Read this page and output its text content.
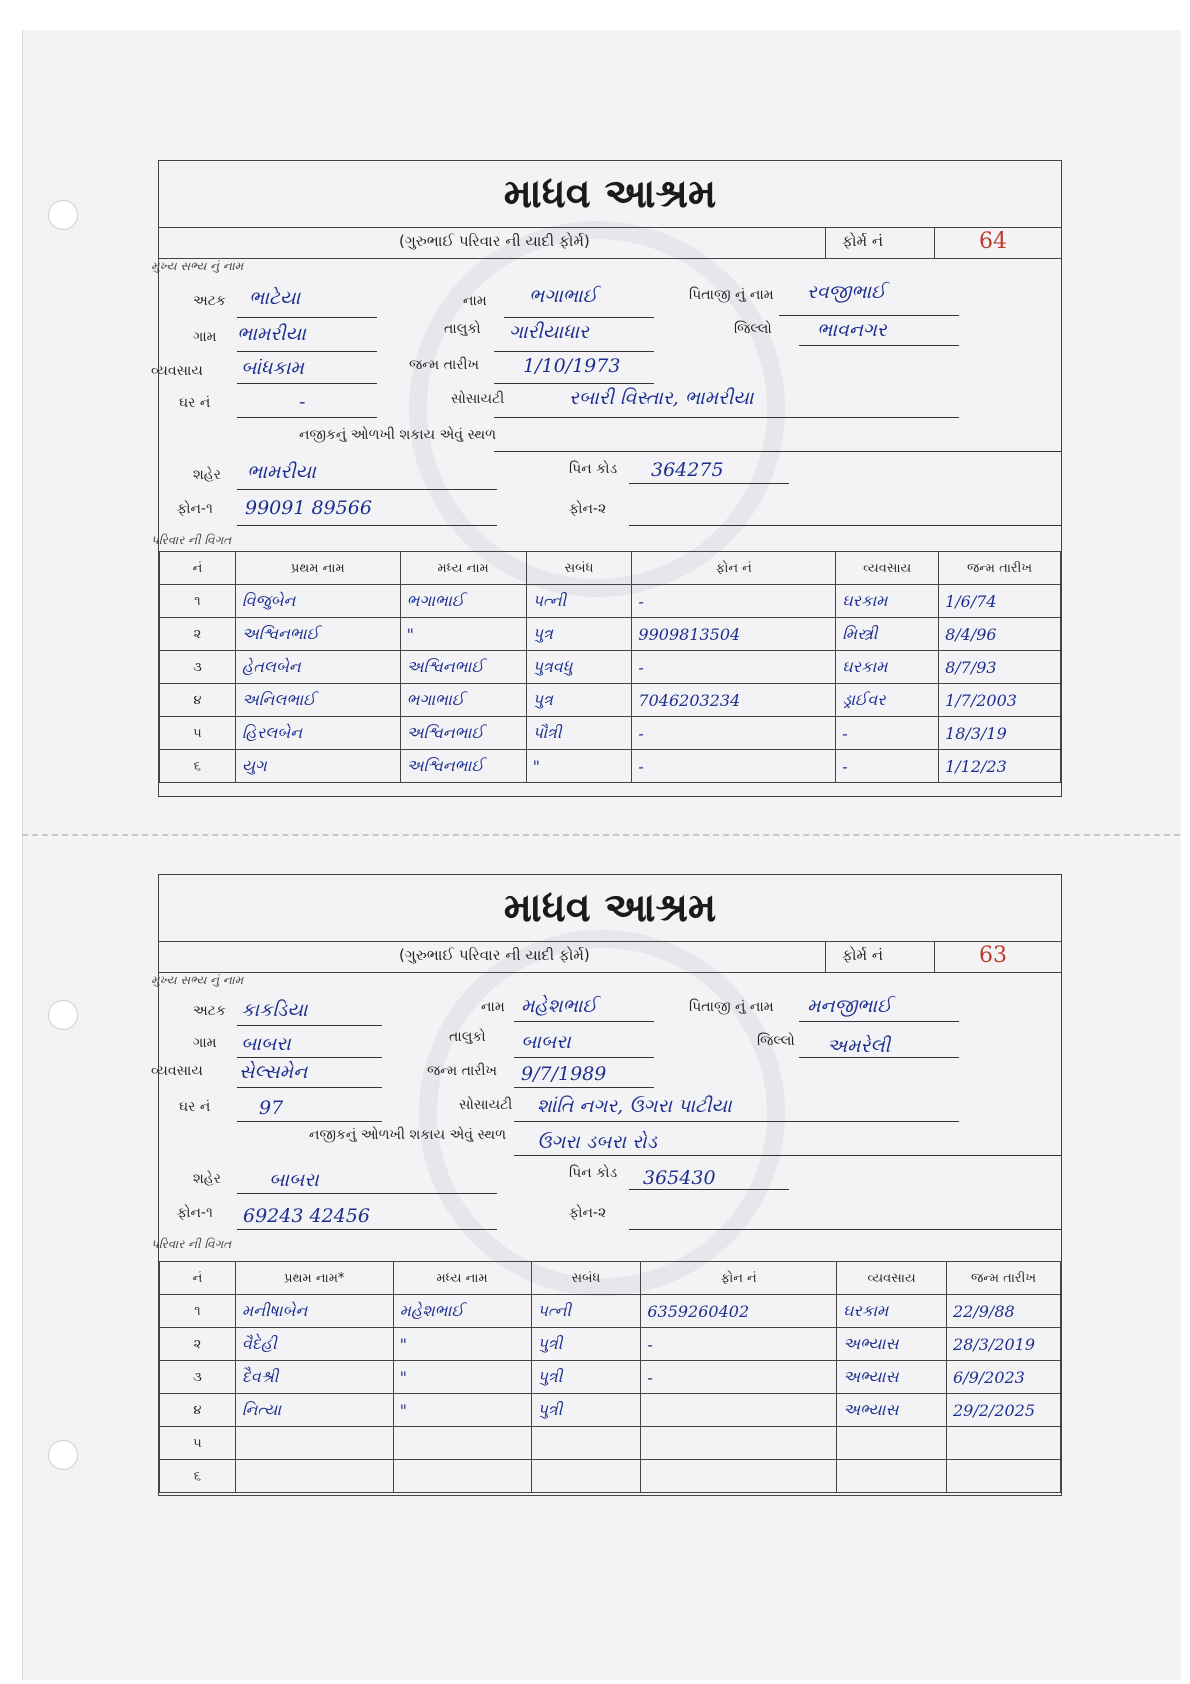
માધવ આશ્રમ
(ગુરુભાઈ પરિવાર ની યાદી ફોર્મ)	ફોર્મ નં	64
મુખ્ય સભ્ય નું નામ
અટક ભાટેયા	નામ ભગાભાઈ	પિતાજી નું નામ રવજીભાઈ
ગામ ભામરીયા	તાલુકો ગારીયાધાર	જિલ્લો ભાવનગર
વ્યવસાય બાંધકામ	જન્મ તારીખ 1/10/1973
ઘર નં	-	સોસાયટી	રબારી વિસ્તાર, ભામરીયા
નજીકનું ઓળખી શકાય એવું સ્થળ
શહેર ભામરીયા	પિન કોડ 364275
ફોન-૧ 99091 89566	ફોન-૨
પરિવાર ની વિગત
નં	પ્રથમ નામ	મધ્ય નામ	સબંધ	ફોન નં	વ્યવસાય	જન્મ તારીખ
૧	વિજુબેન	ભગાભાઈ	પત્ની	-	ઘરકામ	1/6/74
૨	અશ્વિનભાઈ	"	પુત્ર	9909813504	મિસ્ત્રી	8/4/96
૩	હેતલબેન	અશ્વિનભાઈ	પુત્રવધુ	-	ઘરકામ	8/7/93
૪	અનિલભાઈ	ભગાભાઈ	પુત્ર	7046203234	ડ્રાઈવર	1/7/2003
૫	હિરલબેન	અશ્વિનભાઈ	પૌત્રી	-	-	18/3/19
૬	યુગ	અશ્વિનભાઈ	"	-	-	1/12/23
માધવ આશ્રમ
(ગુરુભાઈ પરિવાર ની યાદી ફોર્મ)	ફોર્મ નં	63
મુખ્ય સભ્ય નું નામ
અટક કાકડિયા	નામ મહેશભાઈ	પિતાજી નું નામ મનજીભાઈ
ગામ બાબરા	તાલુકો બાબરા	જિલ્લો અમરેલી
વ્યવસાય સેલ્સમેન	જન્મ તારીખ 9/7/1989
ઘર નં	97	સોસાયટી શાંતિ નગર, ઉગરા પાટીયા
નજીકનું ઓળખી શકાય એવું સ્થળ ઉગરા ડબરા રોડ
શહેર	બાબરા	પિન કોડ 365430
ફોન-૧ 69243 42456	ફોન-૨
પરિવાર ની વિગત
નં	પ્રથમ નામ*	મધ્ય નામ	સબંધ	ફોન નં	વ્યવસાય	જન્મ તારીખ
૧	મનીષાબેન	મહેશભાઈ	પત્ની	6359260402	ઘરકામ	22/9/88
૨	વૈદેહી	"	પુત્રી	-	અભ્યાસ	28/3/2019
૩	દૈવશ્રી	"	પુત્રી	-	અભ્યાસ	6/9/2023
૪	નિત્યા	"	પુત્રી		અભ્યાસ	29/2/2025
૫						
૬						
